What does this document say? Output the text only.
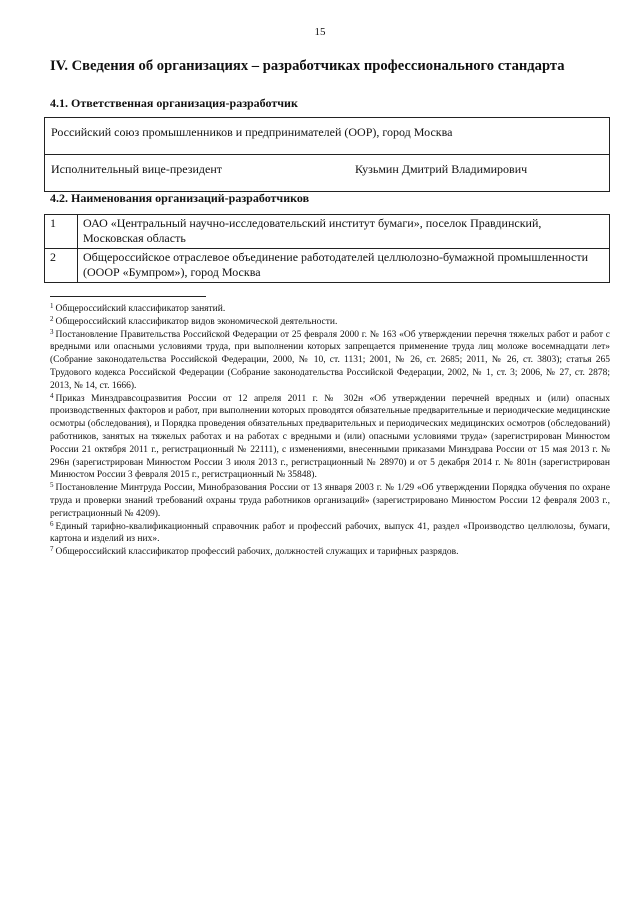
15
IV. Сведения об организациях – разработчиках профессионального стандарта
4.1. Ответственная организация-разработчик
Российский союз промышленников и предпринимателей (ООР), город Москва

Исполнительный вице-президент	Кузьмин Дмитрий Владимирович
4.2. Наименования организаций-разработчиков
1	ОАО «Центральный научно-исследовательский институт бумаги», поселок Правдинский, Московская область
2	Общероссийское отраслевое объединение работодателей целлюлозно-бумажной промышленности (ОООР «Бумпром»), город Москва

$^1$ Общероссийский классификатор занятий.

$^2$ Общероссийский классификатор видов экономической деятельности.

$^3$ Постановление Правительства Российской Федерации от 25 февраля 2000 г. № 163 «Об утверждении перечня тяжелых работ и работ с вредными или опасными условиями труда, при выполнении которых запрещается применение труда лиц моложе восемнадцати лет» (Собрание законодательства Российской Федерации, 2000, № 10, ст. 1131; 2001, № 26, ст. 2685; 2011, № 26, ст. 3803); статья 265 Трудового кодекса Российской Федерации (Собрание законодательства Российской Федерации, 2002, № 1, ст. 3; 2006, № 27, ст. 2878; 2013, № 14, ст. 1666).

$^4$ Приказ Минздравсоцразвития России от 12 апреля 2011 г. № 302н «Об утверждении перечней вредных и (или) опасных производственных факторов и работ, при выполнении которых проводятся обязательные предварительные и периодические медицинские осмотры (обследования), и Порядка проведения обязательных предварительных и периодических медицинских осмотров (обследований) работников, занятых на тяжелых работах и на работах с вредными и (или) опасными условиями труда» (зарегистрирован Минюстом России 21 октября 2011 г., регистрационный № 22111), с изменениями, внесенными приказами Минздрава России от 15 мая 2013 г. № 296н (зарегистрирован Минюстом России 3 июля 2013 г., регистрационный № 28970) и от 5 декабря 2014 г. № 801н (зарегистрирован Минюстом России 3 февраля 2015 г., регистрационный № 35848).

$^5$ Постановление Минтруда России, Минобразования России от 13 января 2003 г. № 1/29 «Об утверждении Порядка обучения по охране труда и проверки знаний требований охраны труда работников организаций» (зарегистрировано Минюстом России 12 февраля 2003 г., регистрационный № 4209).

$^6$ Единый тарифно-квалификационный справочник работ и профессий рабочих, выпуск 41, раздел «Производство целлюлозы, бумаги, картона и изделий из них».

$^7$ Общероссийский классификатор профессий рабочих, должностей служащих и тарифных разрядов.
